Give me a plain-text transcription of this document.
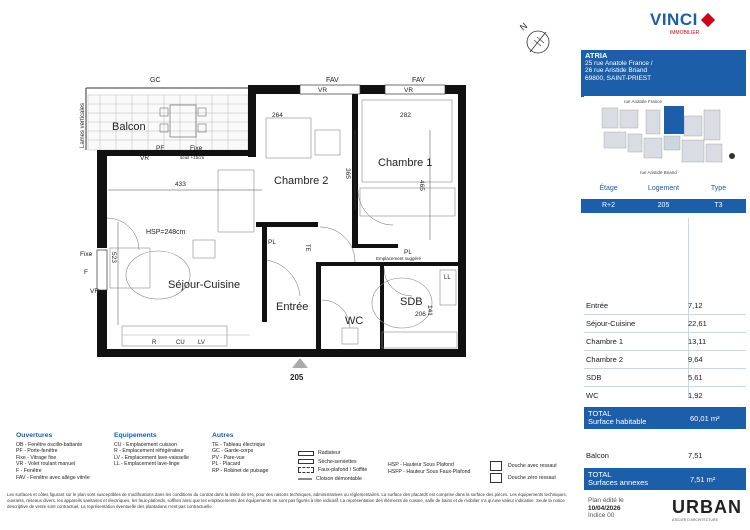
N
Balcon
Chambre 2
Chambre 1
Séjour-Cuisine
Entrée	SDB
WC
HSP=248cm
264	282
365
465
433
523
206 141
GC	FAV	FAV
VR	VR
VR
VR
PF	Fixe
Fixe
F
seuil +15cm
Lames verticales
PL
PL
Emplacement suggéré
TE
LL
R	CU LV
205
VINCI
IMMOBILIER
ATRIA
25 rue Anatole France /
26 rue Aristide Briand
69800, SAINT-PRIEST
rue Anatole France
rue Aristide Briand
Étage	Logement	Type
R+2	205	T3
Entrée	7,12
Séjour-Cuisine	22,61
Chambre 1	13,11
Chambre 2	9,64
SDB	5,61
WC	1,92
TOTAL
Surface habitable	60,01 m²
Balcon	7,51
TOTAL
Surfaces annexes	7,51 m²
Plan édité le
10/04/2026
Indice 00	URBAN
ATELIER D'ARCHITECTURE
Ouvertures
OB - Fenêtre oscillo-battante
PF - Porte-fenêtre
Fixe - Vitrage fixe
VR - Volet roulant manuel
F - Fenêtre
FAV - Fenêtre avec allège vitrée
Equipements
CU - Emplacement cuisson
R - Emplacement réfrigérateur
LV - Emplacement lave-vaisselle
LL - Emplacement lave-linge
Autres
TE - Tableau électrique
GC - Garde-corps
PV - Pare-vue
PL - Placard
RP - Robinet de puisage
Radiateur
Sèche-serviettes
Faux-plafond / Soffite
Cloison démontable
HSP - Hauteur Sous Plafond
HSFP - Hauteur Sous Faux-Plafond
Douche avec ressaut
Douche zéro ressaut
Les surfaces et côtes figurant sur le plan sont susceptibles de modifications dans les conditions du contrat dans la limite de 5%, pour des raisons techniques, administratives ou réglementaires. La surface des placards est comprise dans la surface des pièces. Les équipements techniques, ouvrants, réseaux divers, les appareils sanitaires et électriques, les faux-plafonds, soffites ainsi que les emplacements des équipements ne sont pas figurés à titre indicatif. La représentation des éléments de cuisine, salle de bains et de mobilier n'a qu'une valeur indicative. Seule la notice descriptive de vente sont contractuel. La représentation éventuelle des plantations n'est pas contractuelle.
